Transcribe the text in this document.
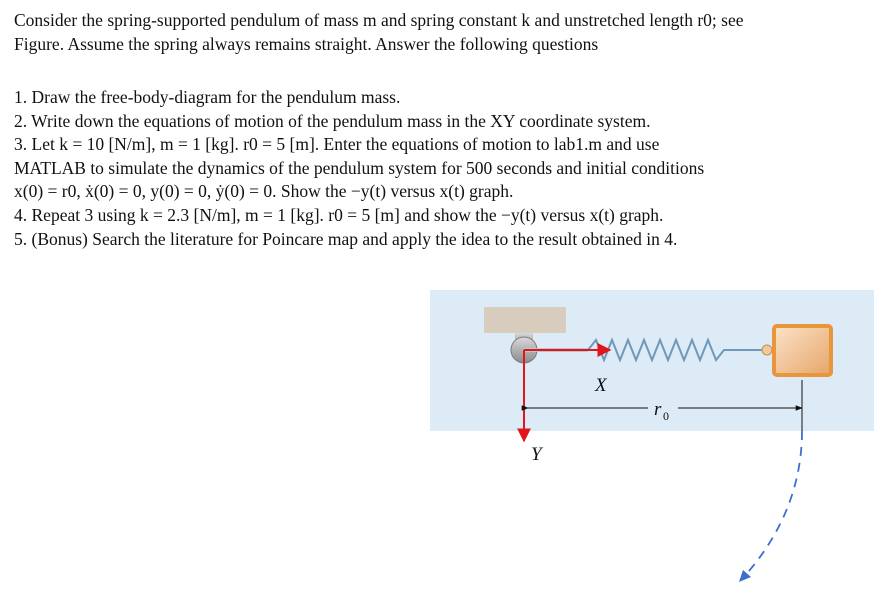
Consider the spring-supported pendulum of mass m and spring constant k and unstretched length r0; see
Figure. Assume the spring always remains straight. Answer the following questions
1. Draw the free-body-diagram for the pendulum mass.
2. Write down the equations of motion of the pendulum mass in the XY coordinate system.
3. Let k = 10 [N/m], m = 1 [kg]. r0 = 5 [m]. Enter the equations of motion to lab1.m and use
MATLAB to simulate the dynamics of the pendulum system for 500 seconds and initial conditions
x(0) = r0, ẋ(0) = 0, y(0) = 0, ẏ(0) = 0. Show the −y(t) versus x(t) graph.
4. Repeat 3 using k = 2.3 [N/m], m = 1 [kg]. r0 = 5 [m] and show the −y(t) versus x(t) graph.
5. (Bonus) Search the literature for Poincare map and apply the idea to the result obtained in 4.
X
Y
r 0
